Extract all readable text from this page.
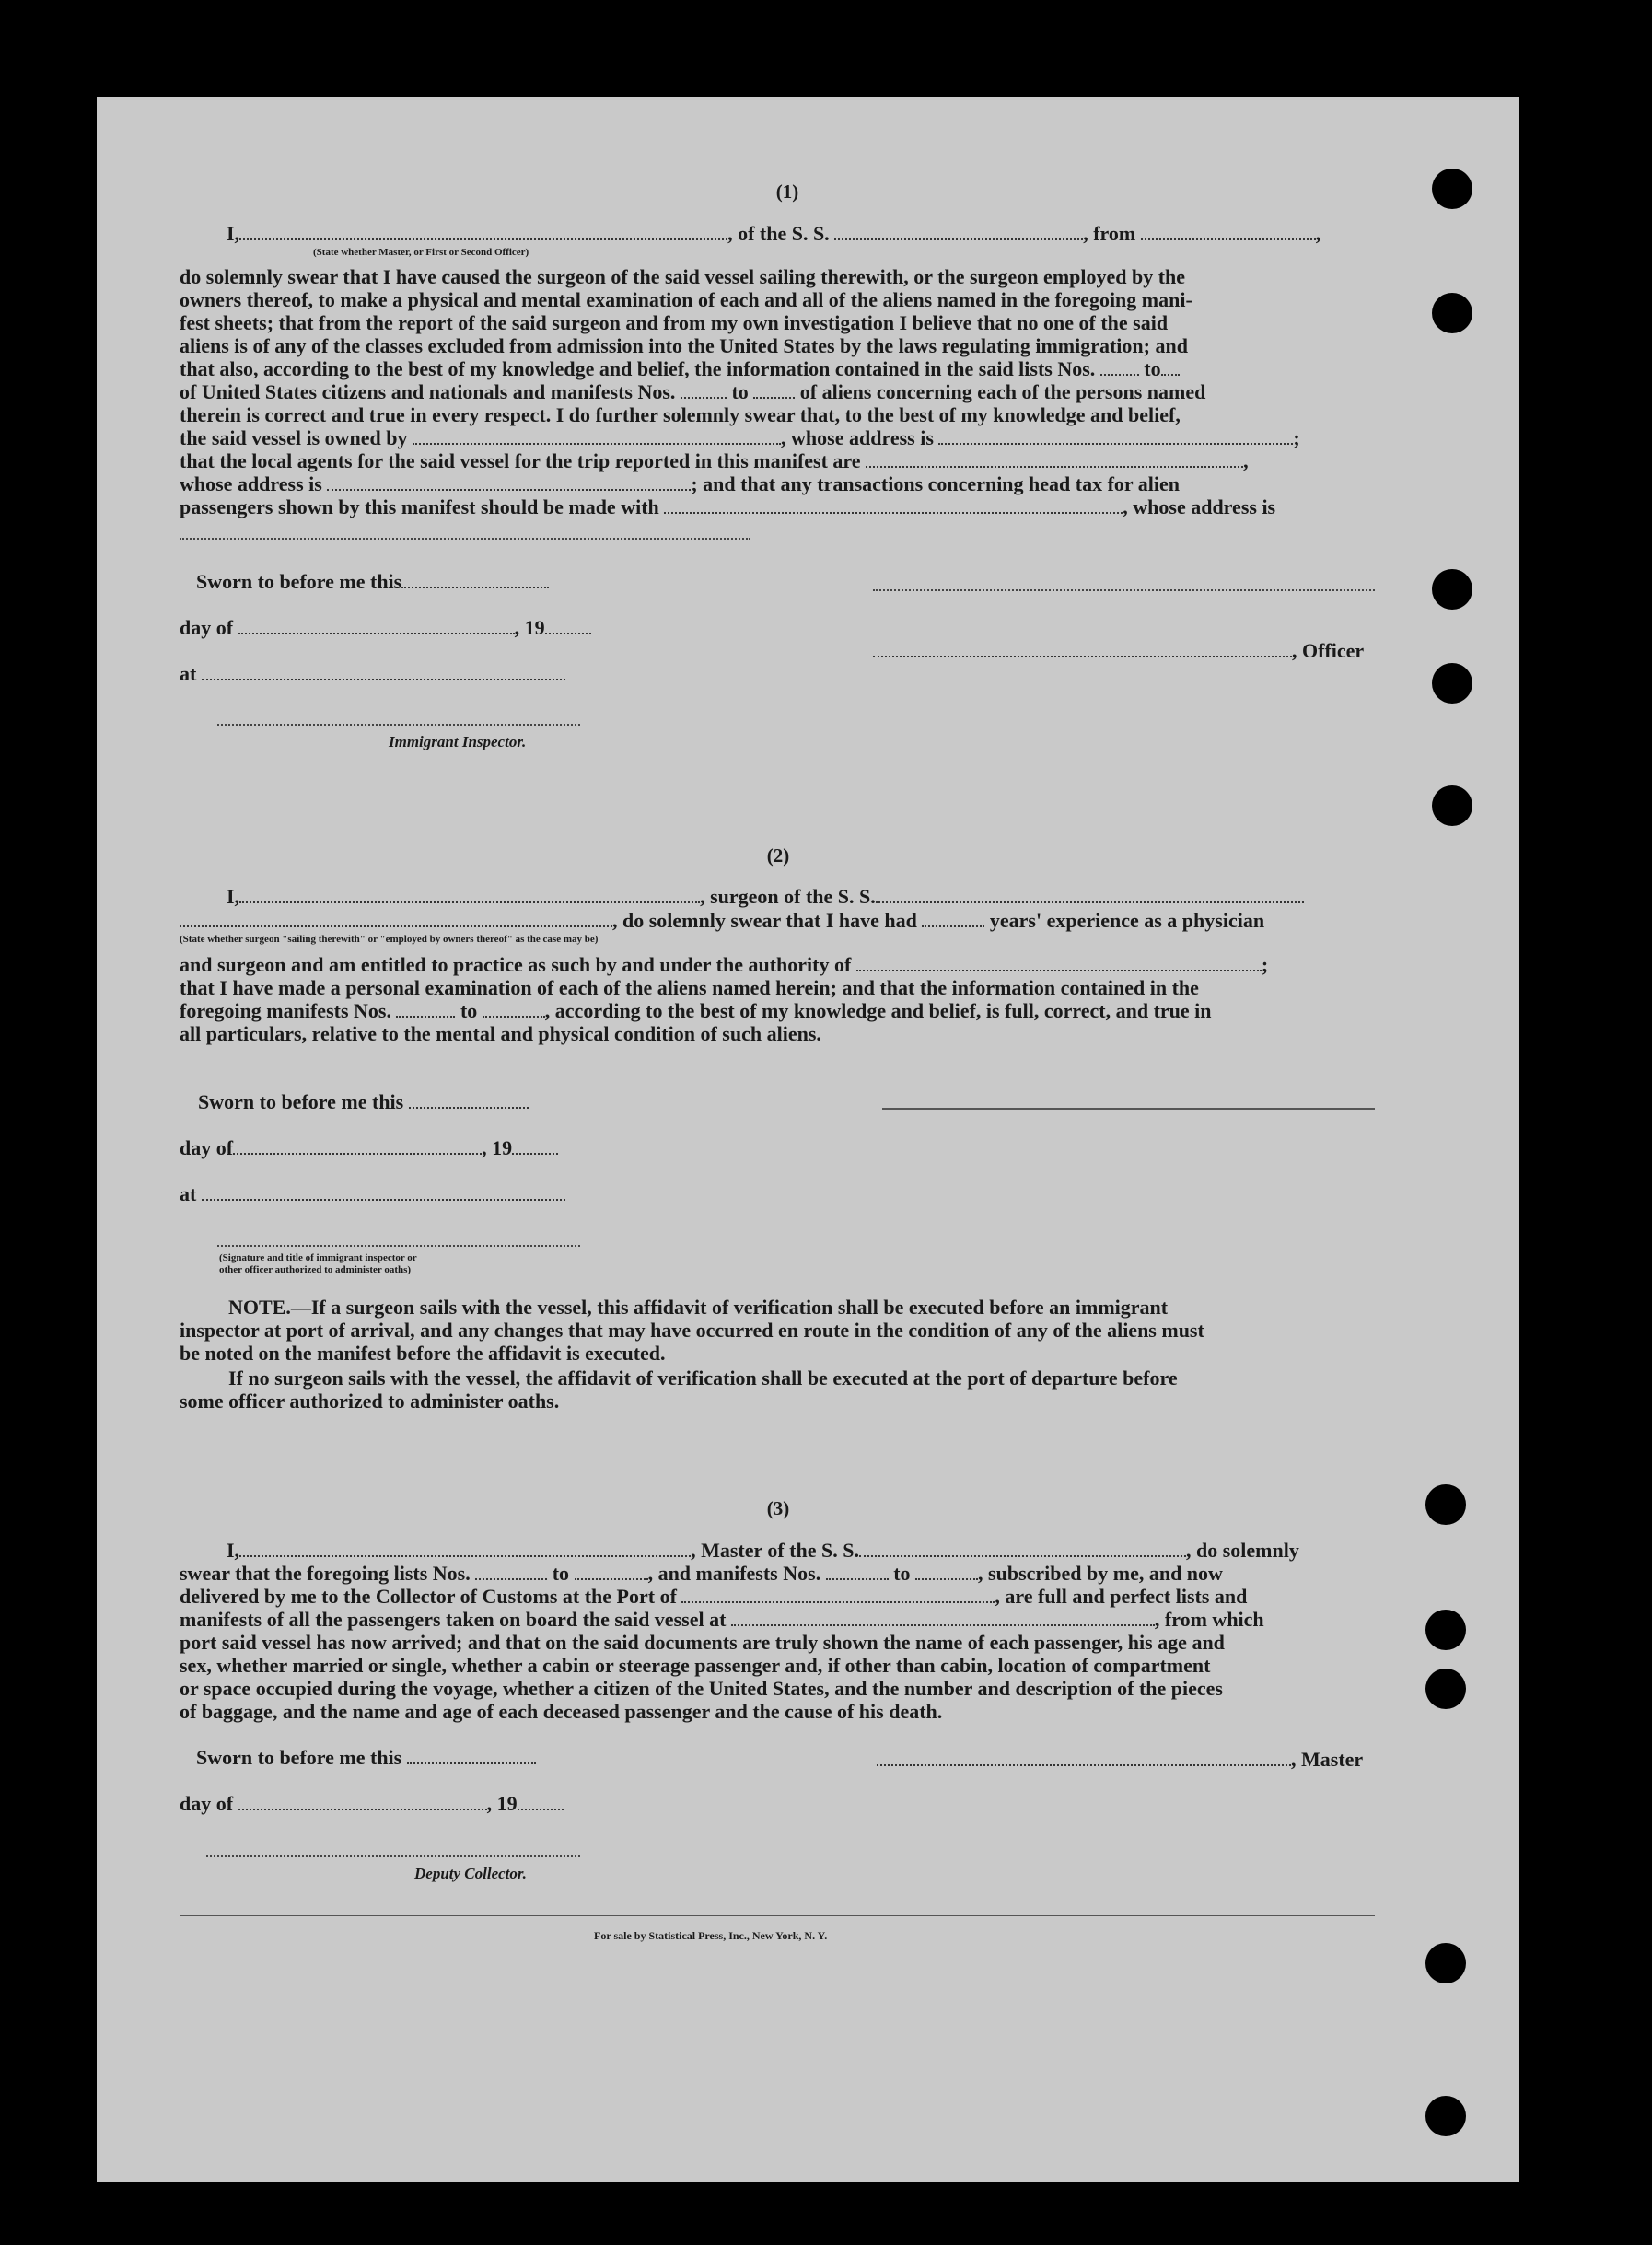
(1)
I,	, of the S. S.	, from	,
(State whether Master, or First or Second Officer)
do solemnly swear that I have caused the surgeon of the said vessel sailing therewith, or the surgeon employed by the
owners thereof, to make a physical and mental examination of each and all of the aliens named in the foregoing mani-
fest sheets; that from the report of the said surgeon and from my own investigation I believe that no one of the said
aliens is of any of the classes excluded from admission into the United States by the laws regulating immigration; and
that also, according to the best of my knowledge and belief, the information contained in the said lists Nos. to
of United States citizens and nationals and manifests Nos.	to	of aliens concerning each of the persons named
therein is correct and true in every respect. I do further solemnly swear that, to the best of my knowledge and belief,
the said vessel is owned by	, whose address is	;
that the local agents for the said vessel for the trip reported in this manifest are	,
whose address is	; and that any transactions concerning head tax for alien
passengers shown by this manifest should be made with	, whose address is
Sworn to before me this
day of	, 19
, Officer
at
Immigrant Inspector.
(2)
I,	, surgeon of the S. S.
, do solemnly swear that I have had	years' experience as a physician
(State whether surgeon "sailing therewith" or "employed by owners thereof" as the case may be)
and surgeon and am entitled to practice as such by and under the authority of	;
that I have made a personal examination of each of the aliens named herein; and that the information contained in the
foregoing manifests Nos.	to	, according to the best of my knowledge and belief, is full, correct, and true in
all particulars, relative to the mental and physical condition of such aliens.
Sworn to before me this
day of	, 19
at
(Signature and title of immigrant inspector or
other officer authorized to administer oaths)
NOTE.—If a surgeon sails with the vessel, this affidavit of verification shall be executed before an immigrant
inspector at port of arrival, and any changes that may have occurred en route in the condition of any of the aliens must
be noted on the manifest before the affidavit is executed.
If no surgeon sails with the vessel, the affidavit of verification shall be executed at the port of departure before
some officer authorized to administer oaths.
(3)
I,	, Master of the S. S.	, do solemnly
swear that the foregoing lists Nos.	to	, and manifests Nos.	to	, subscribed by me, and now
delivered by me to the Collector of Customs at the Port of	, are full and perfect lists and
manifests of all the passengers taken on board the said vessel at	, from which
port said vessel has now arrived; and that on the said documents are truly shown the name of each passenger, his age and
sex, whether married or single, whether a cabin or steerage passenger and, if other than cabin, location of compartment
or space occupied during the voyage, whether a citizen of the United States, and the number and description of the pieces
of baggage, and the name and age of each deceased passenger and the cause of his death.
Sworn to before me this	, Master
day of	, 19
Deputy Collector.
For sale by Statistical Press, Inc., New York, N. Y.
